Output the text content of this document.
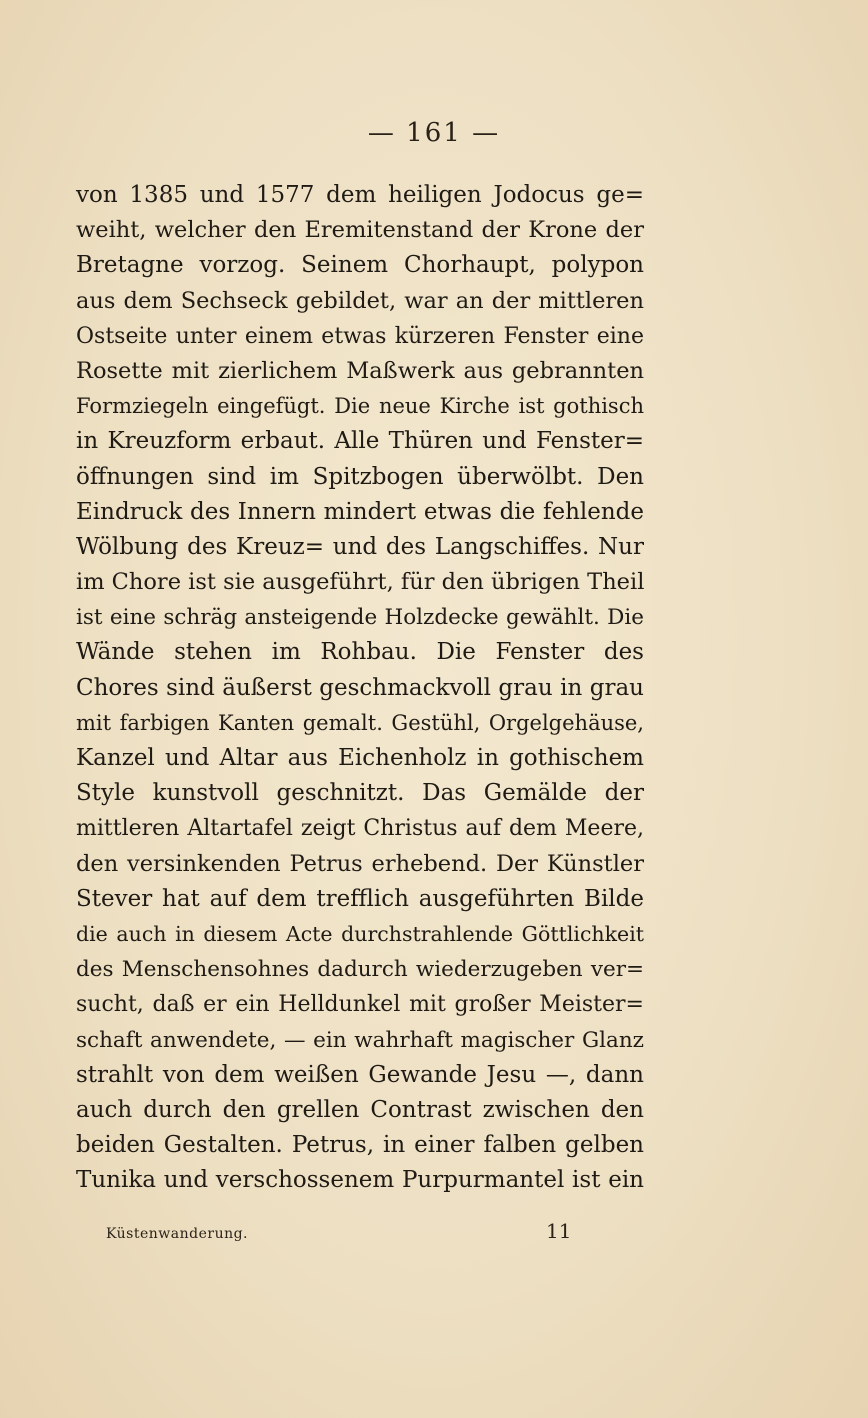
— 161 —
von 1385 und 1577 dem heiligen Jodocus ge=
weiht, welcher den Eremitenstand der Krone der
Bretagne vorzog. Seinem Chorhaupt, polypon
aus dem Sechseck gebildet, war an der mittleren
Ostseite unter einem etwas kürzeren Fenster eine
Rosette mit zierlichem Maßwerk aus gebrannten
Formziegeln eingefügt. Die neue Kirche ist gothisch
in Kreuzform erbaut. Alle Thüren und Fenster=
öffnungen sind im Spitzbogen überwölbt. Den
Eindruck des Innern mindert etwas die fehlende
Wölbung des Kreuz= und des Langschiffes. Nur
im Chore ist sie ausgeführt, für den übrigen Theil
ist eine schräg ansteigende Holzdecke gewählt. Die
Wände stehen im Rohbau. Die Fenster des
Chores sind äußerst geschmackvoll grau in grau
mit farbigen Kanten gemalt. Gestühl, Orgelgehäuse,
Kanzel und Altar aus Eichenholz in gothischem
Style kunstvoll geschnitzt. Das Gemälde der
mittleren Altartafel zeigt Christus auf dem Meere,
den versinkenden Petrus erhebend. Der Künstler
Stever hat auf dem trefflich ausgeführten Bilde
die auch in diesem Acte durchstrahlende Göttlichkeit
des Menschensohnes dadurch wiederzugeben ver=
sucht, daß er ein Helldunkel mit großer Meister=
schaft anwendete, — ein wahrhaft magischer Glanz
strahlt von dem weißen Gewande Jesu —, dann
auch durch den grellen Contrast zwischen den
beiden Gestalten. Petrus, in einer falben gelben
Tunika und verschossenem Purpurmantel ist ein
Küstenwanderung.	11
